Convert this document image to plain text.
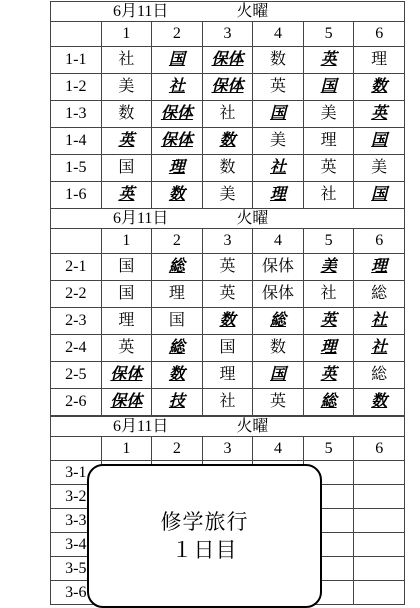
6月11日 火曜						
	1	2	3	4	5	6
1-1	社	国	保体	数	英	理
1-2	美	社	保体	英	国	数
1-3	数	保体	社	国	美	英
1-4	英	保体	数	美	理	国
1-5	国	理	数	社	英	美
1-6	英	数	美	理	社	国
6月11日 火曜						
	1	2	3	4	5	6
2-1	国	総	英	保体	美	理
2-2	国	理	英	保体	社	総
2-3	理	国	数	総	英	社
2-4	英	総	国	数	理	社
2-5	保体	数	理	国	英	総
2-6	保体	技	社	英	総	数
6月11日 火曜						
	1	2	3	4	5	6
3-1						
3-2						
3-3						
3-4						
3-5						
3-6						
修学旅行
１日目
